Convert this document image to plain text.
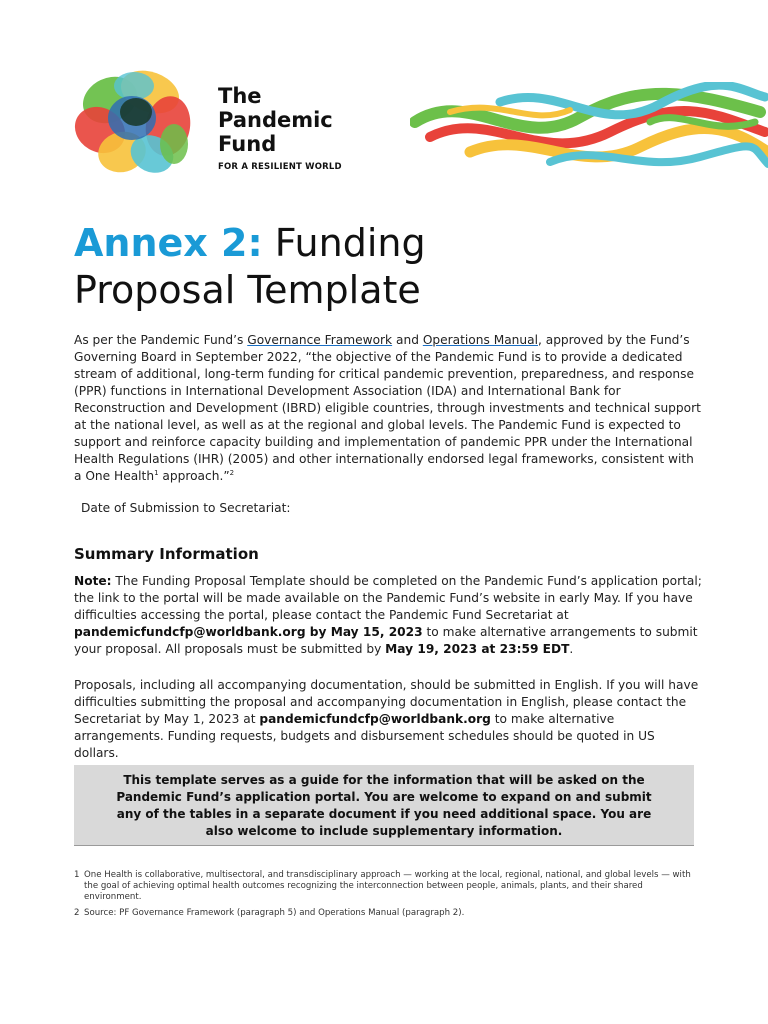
The
Pandemic
Fund
FOR A RESILIENT WORLD
Annex 2: Funding
Proposal Template
As per the Pandemic Fund’s Governance Framework and Operations Manual, approved by the Fund’s Governing Board in September 2022, “the objective of the Pandemic Fund is to provide a dedicated stream of additional, long-term funding for critical pandemic prevention, preparedness, and response (PPR) functions in International Development Association (IDA) and International Bank for Reconstruction and Development (IBRD) eligible countries, through investments and technical support at the national level, as well as at the regional and global levels. The Pandemic Fund is expected to support and reinforce capacity building and implementation of pandemic PPR under the International Health Regulations (IHR) (2005) and other internationally endorsed legal frameworks, consistent with a One Health$^1$ approach.”$^2$
Date of Submission to Secretariat:
Summary Information
Note: The Funding Proposal Template should be completed on the Pandemic Fund’s application portal; the link to the portal will be made available on the Pandemic Fund’s website in early May. If you have difficulties accessing the portal, please contact the Pandemic Fund Secretariat at pandemicfundcfp@worldbank.org by May 15, 2023 to make alternative arrangements to submit your proposal. All proposals must be submitted by May 19, 2023 at 23:59 EDT.
Proposals, including all accompanying documentation, should be submitted in English. If you will have difficulties submitting the proposal and accompanying documentation in English, please contact the Secretariat by May 1, 2023 at pandemicfundcfp@worldbank.org to make alternative arrangements. Funding requests, budgets and disbursement schedules should be quoted in US dollars.
This template serves as a guide for the information that will be asked on the Pandemic Fund’s application portal. You are welcome to expand on and submit any of the tables in a separate document if you need additional space. You are also welcome to include supplementary information.
1 One Health is collaborative, multisectoral, and transdisciplinary approach — working at the local, regional, national, and global levels — with the goal of achieving optimal health outcomes recognizing the interconnection between people, animals, plants, and their shared environment.
2 Source: PF Governance Framework (paragraph 5) and Operations Manual (paragraph 2).
